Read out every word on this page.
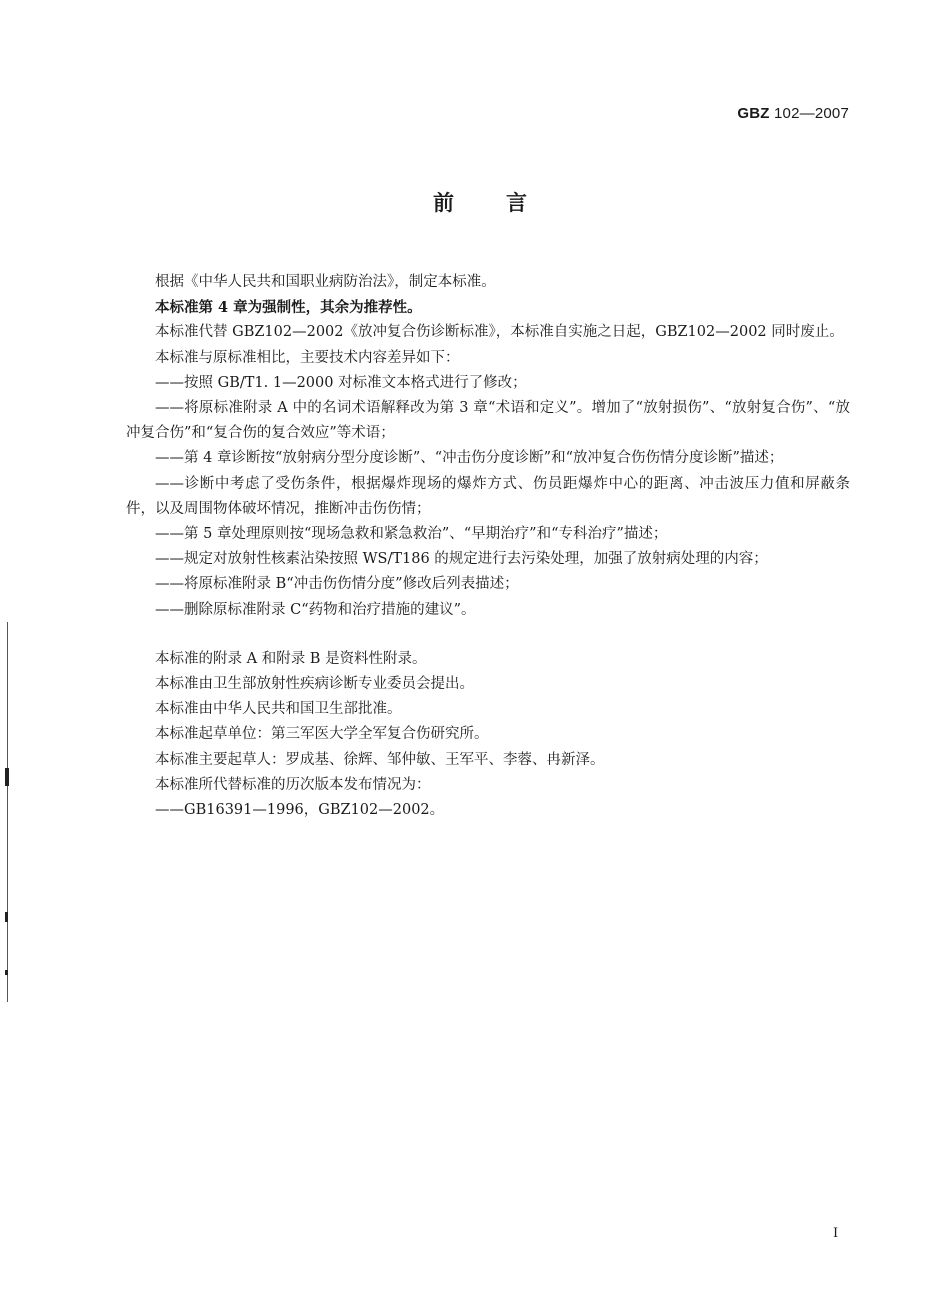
GBZ 102—2007
前言

根据《中华人民共和国职业病防治法》，制定本标准。

本标准第 4 章为强制性，其余为推荐性。

本标准代替 GBZ102—2002《放冲复合伤诊断标准》，本标准自实施之日起，GBZ102—2002 同时废止。

本标准与原标准相比，主要技术内容差异如下：

——按照 GB/T1. 1—2000 对标准文本格式进行了修改；

——将原标准附录 A 中的名词术语解释改为第 3 章“术语和定义”。增加了“放射损伤”、“放射复合伤”、“放冲复合伤”和“复合伤的复合效应”等术语；

——第 4 章诊断按“放射病分型分度诊断”、“冲击伤分度诊断”和“放冲复合伤伤情分度诊断”描述；

——诊断中考虑了受伤条件，根据爆炸现场的爆炸方式、伤员距爆炸中心的距离、冲击波压力值和屏蔽条件，以及周围物体破坏情况，推断冲击伤伤情；

——第 5 章处理原则按“现场急救和紧急救治”、“早期治疗”和“专科治疗”描述；

——规定对放射性核素沾染按照 WS/T186 的规定进行去污染处理，加强了放射病处理的内容；

——将原标准附录 B“冲击伤伤情分度”修改后列表描述；

——删除原标准附录 C“药物和治疗措施的建议”。

本标准的附录 A 和附录 B 是资料性附录。

本标准由卫生部放射性疾病诊断专业委员会提出。

本标准由中华人民共和国卫生部批准。

本标准起草单位：第三军医大学全军复合伤研究所。

本标准主要起草人：罗成基、徐辉、邹仲敏、王军平、李蓉、冉新泽。

本标准所代替标准的历次版本发布情况为：

——GB16391—1996，GBZ102—2002。

I
